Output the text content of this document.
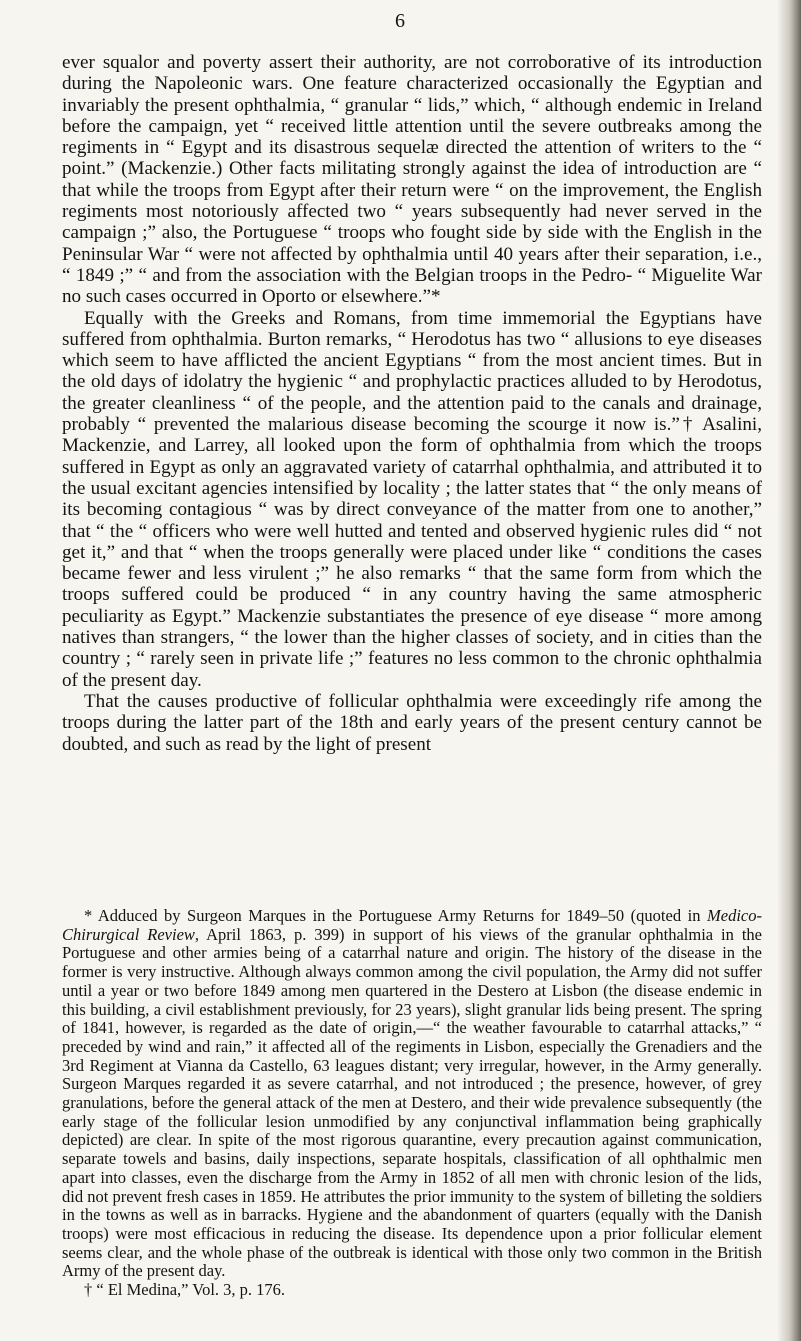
6

ever squalor and poverty assert their authority, are not corroborative of its introduction during the Napoleonic wars. One feature characterized occasionally the Egyptian and invariably the present ophthalmia, “ granular “ lids,” which, “ although endemic in Ireland before the campaign, yet “ received little attention until the severe outbreaks among the regiments in “ Egypt and its disastrous sequelæ directed the attention of writers to the “ point.” (Mackenzie.) Other facts militating strongly against the idea of introduction are “ that while the troops from Egypt after their return were “ on the improvement, the English regiments most notoriously affected two “ years subsequently had never served in the campaign ;” also, the Portuguese “ troops who fought side by side with the English in the Peninsular War “ were not affected by ophthalmia until 40 years after their separation, i.e., “ 1849 ;” “ and from the association with the Belgian troops in the Pedro- “ Miguelite War no such cases occurred in Oporto or elsewhere.”*

Equally with the Greeks and Romans, from time immemorial the Egyptians have suffered from ophthalmia. Burton remarks, “ Herodotus has two “ allusions to eye diseases which seem to have afflicted the ancient Egyptians “ from the most ancient times. But in the old days of idolatry the hygienic “ and prophylactic practices alluded to by Herodotus, the greater cleanliness “ of the people, and the attention paid to the canals and drainage, probably “ prevented the malarious disease becoming the scourge it now is.”† Asalini, Mackenzie, and Larrey, all looked upon the form of ophthalmia from which the troops suffered in Egypt as only an aggravated variety of catarrhal ophthalmia, and attributed it to the usual excitant agencies intensified by locality ; the latter states that “ the only means of its becoming contagious “ was by direct conveyance of the matter from one to another,” that “ the “ officers who were well hutted and tented and observed hygienic rules did “ not get it,” and that “ when the troops generally were placed under like “ conditions the cases became fewer and less virulent ;” he also remarks “ that the same form from which the troops suffered could be produced “ in any country having the same atmospheric peculiarity as Egypt.” Mackenzie substantiates the presence of eye disease “ more among natives than strangers, “ the lower than the higher classes of society, and in cities than the country ; “ rarely seen in private life ;” features no less common to the chronic ophthalmia of the present day.

That the causes productive of follicular ophthalmia were exceedingly rife among the troops during the latter part of the 18th and early years of the present century cannot be doubted, and such as read by the light of present

* Adduced by Surgeon Marques in the Portuguese Army Returns for 1849–50 (quoted in Medico-Chirurgical Review, April 1863, p. 399) in support of his views of the granular ophthalmia in the Portuguese and other armies being of a catarrhal nature and origin. The history of the disease in the former is very instructive. Although always common among the civil population, the Army did not suffer until a year or two before 1849 among men quartered in the Destero at Lisbon (the disease endemic in this building, a civil establishment previously, for 23 years), slight granular lids being present. The spring of 1841, however, is regarded as the date of origin,—“ the weather favourable to catarrhal attacks,” “ preceded by wind and rain,” it affected all of the regiments in Lisbon, especially the Grenadiers and the 3rd Regiment at Vianna da Castello, 63 leagues distant; very irregular, however, in the Army generally. Surgeon Marques regarded it as severe catarrhal, and not introduced ; the presence, however, of grey granulations, before the general attack of the men at Destero, and their wide prevalence subsequently (the early stage of the follicular lesion unmodified by any conjunctival inflammation being graphically depicted) are clear. In spite of the most rigorous quarantine, every precaution against communication, separate towels and basins, daily inspections, separate hospitals, classification of all ophthalmic men apart into classes, even the discharge from the Army in 1852 of all men with chronic lesion of the lids, did not prevent fresh cases in 1859. He attributes the prior immunity to the system of billeting the soldiers in the towns as well as in barracks. Hygiene and the abandonment of quarters (equally with the Danish troops) were most efficacious in reducing the disease. Its dependence upon a prior follicular element seems clear, and the whole phase of the outbreak is identical with those only two common in the British Army of the present day.

† “ El Medina,” Vol. 3, p. 176.
